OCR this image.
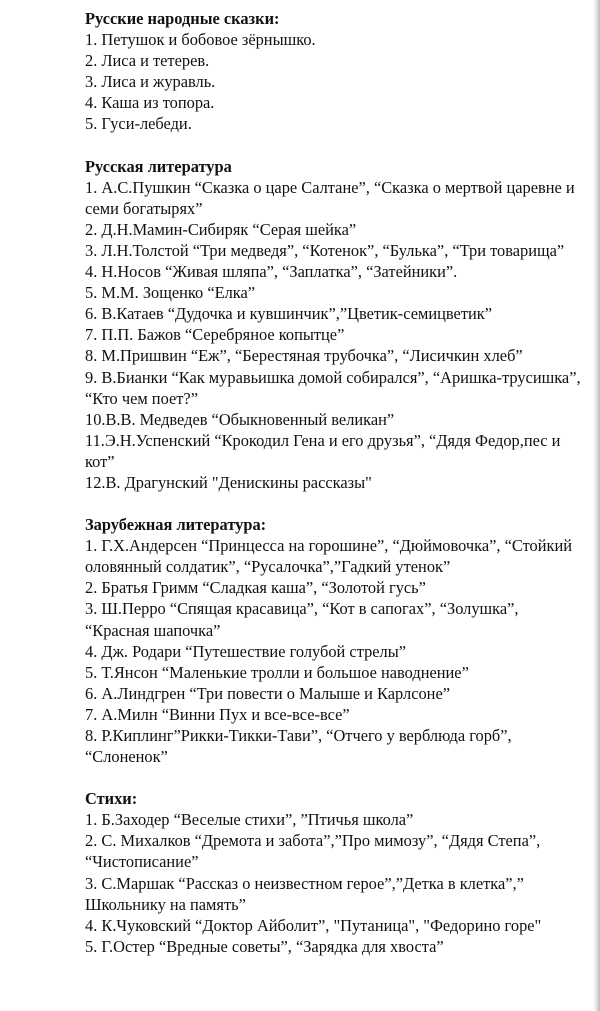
Русские народные сказки:
1. Петушок и бобовое зёрнышко.
2. Лиса и тетерев.
3. Лиса и журавль.
4. Каша из топора.
5. Гуси-лебеди.
Русская литература
1. А.С.Пушкин “Сказка о царе Салтане”, “Сказка о мертвой царевне и семи богатырях”
2. Д.Н.Мамин-Сибиряк “Серая шейка”
3. Л.Н.Толстой “Три медведя”, “Котенок”, “Булька”, “Три товарища”
4. Н.Носов “Живая шляпа”, “Заплатка”, “Затейники”.
5. М.М. Зощенко “Елка”
6. В.Катаев “Дудочка и кувшинчик”,”Цветик-семицветик”
7. П.П. Бажов “Серебряное копытце”
8. М.Пришвин “Еж”, “Берестяная трубочка”, “Лисичкин хлеб”
9. В.Бианки “Как муравьишка домой собирался”, “Аришка-трусишка”, “Кто чем поет?”
10.В.В. Медведев “Обыкновенный великан”
11.Э.Н.Успенский “Крокодил Гена и его друзья”, “Дядя Федор,пес и кот”
12.В. Драгунский "Денискины рассказы"
Зарубежная литература:
1. Г.Х.Андерсен “Принцесса на горошине”, “Дюймовочка”, “Стойкий оловянный солдатик”, “Русалочка”,”Гадкий утенок”
2. Братья Гримм “Сладкая каша”, “Золотой гусь”
3. Ш.Перро “Спящая красавица”, “Кот в сапогах”, “Золушка”, “Красная шапочка”
4. Дж. Родари “Путешествие голубой стрелы”
5. Т.Янсон “Маленькие тролли и большое наводнение”
6. А.Линдгрен “Три повести о Малыше и Карлсоне”
7. А.Милн “Винни Пух и все-все-все”
8. Р.Киплинг”Рикки-Тикки-Тави”, “Отчего у верблюда горб”, “Слоненок”
Стихи:
1. Б.Заходер “Веселые стихи”, ”Птичья школа”
2. С. Михалков “Дремота и забота”,”Про мимозу”, “Дядя Степа”, “Чистописание”
3. С.Маршак “Рассказ о неизвестном герое”,”Детка в клетка”,” Школьнику на память”
4. К.Чуковский “Доктор Айболит”, "Путаница", "Федорино горе"
5. Г.Остер “Вредные советы”, “Зарядка для хвоста”
